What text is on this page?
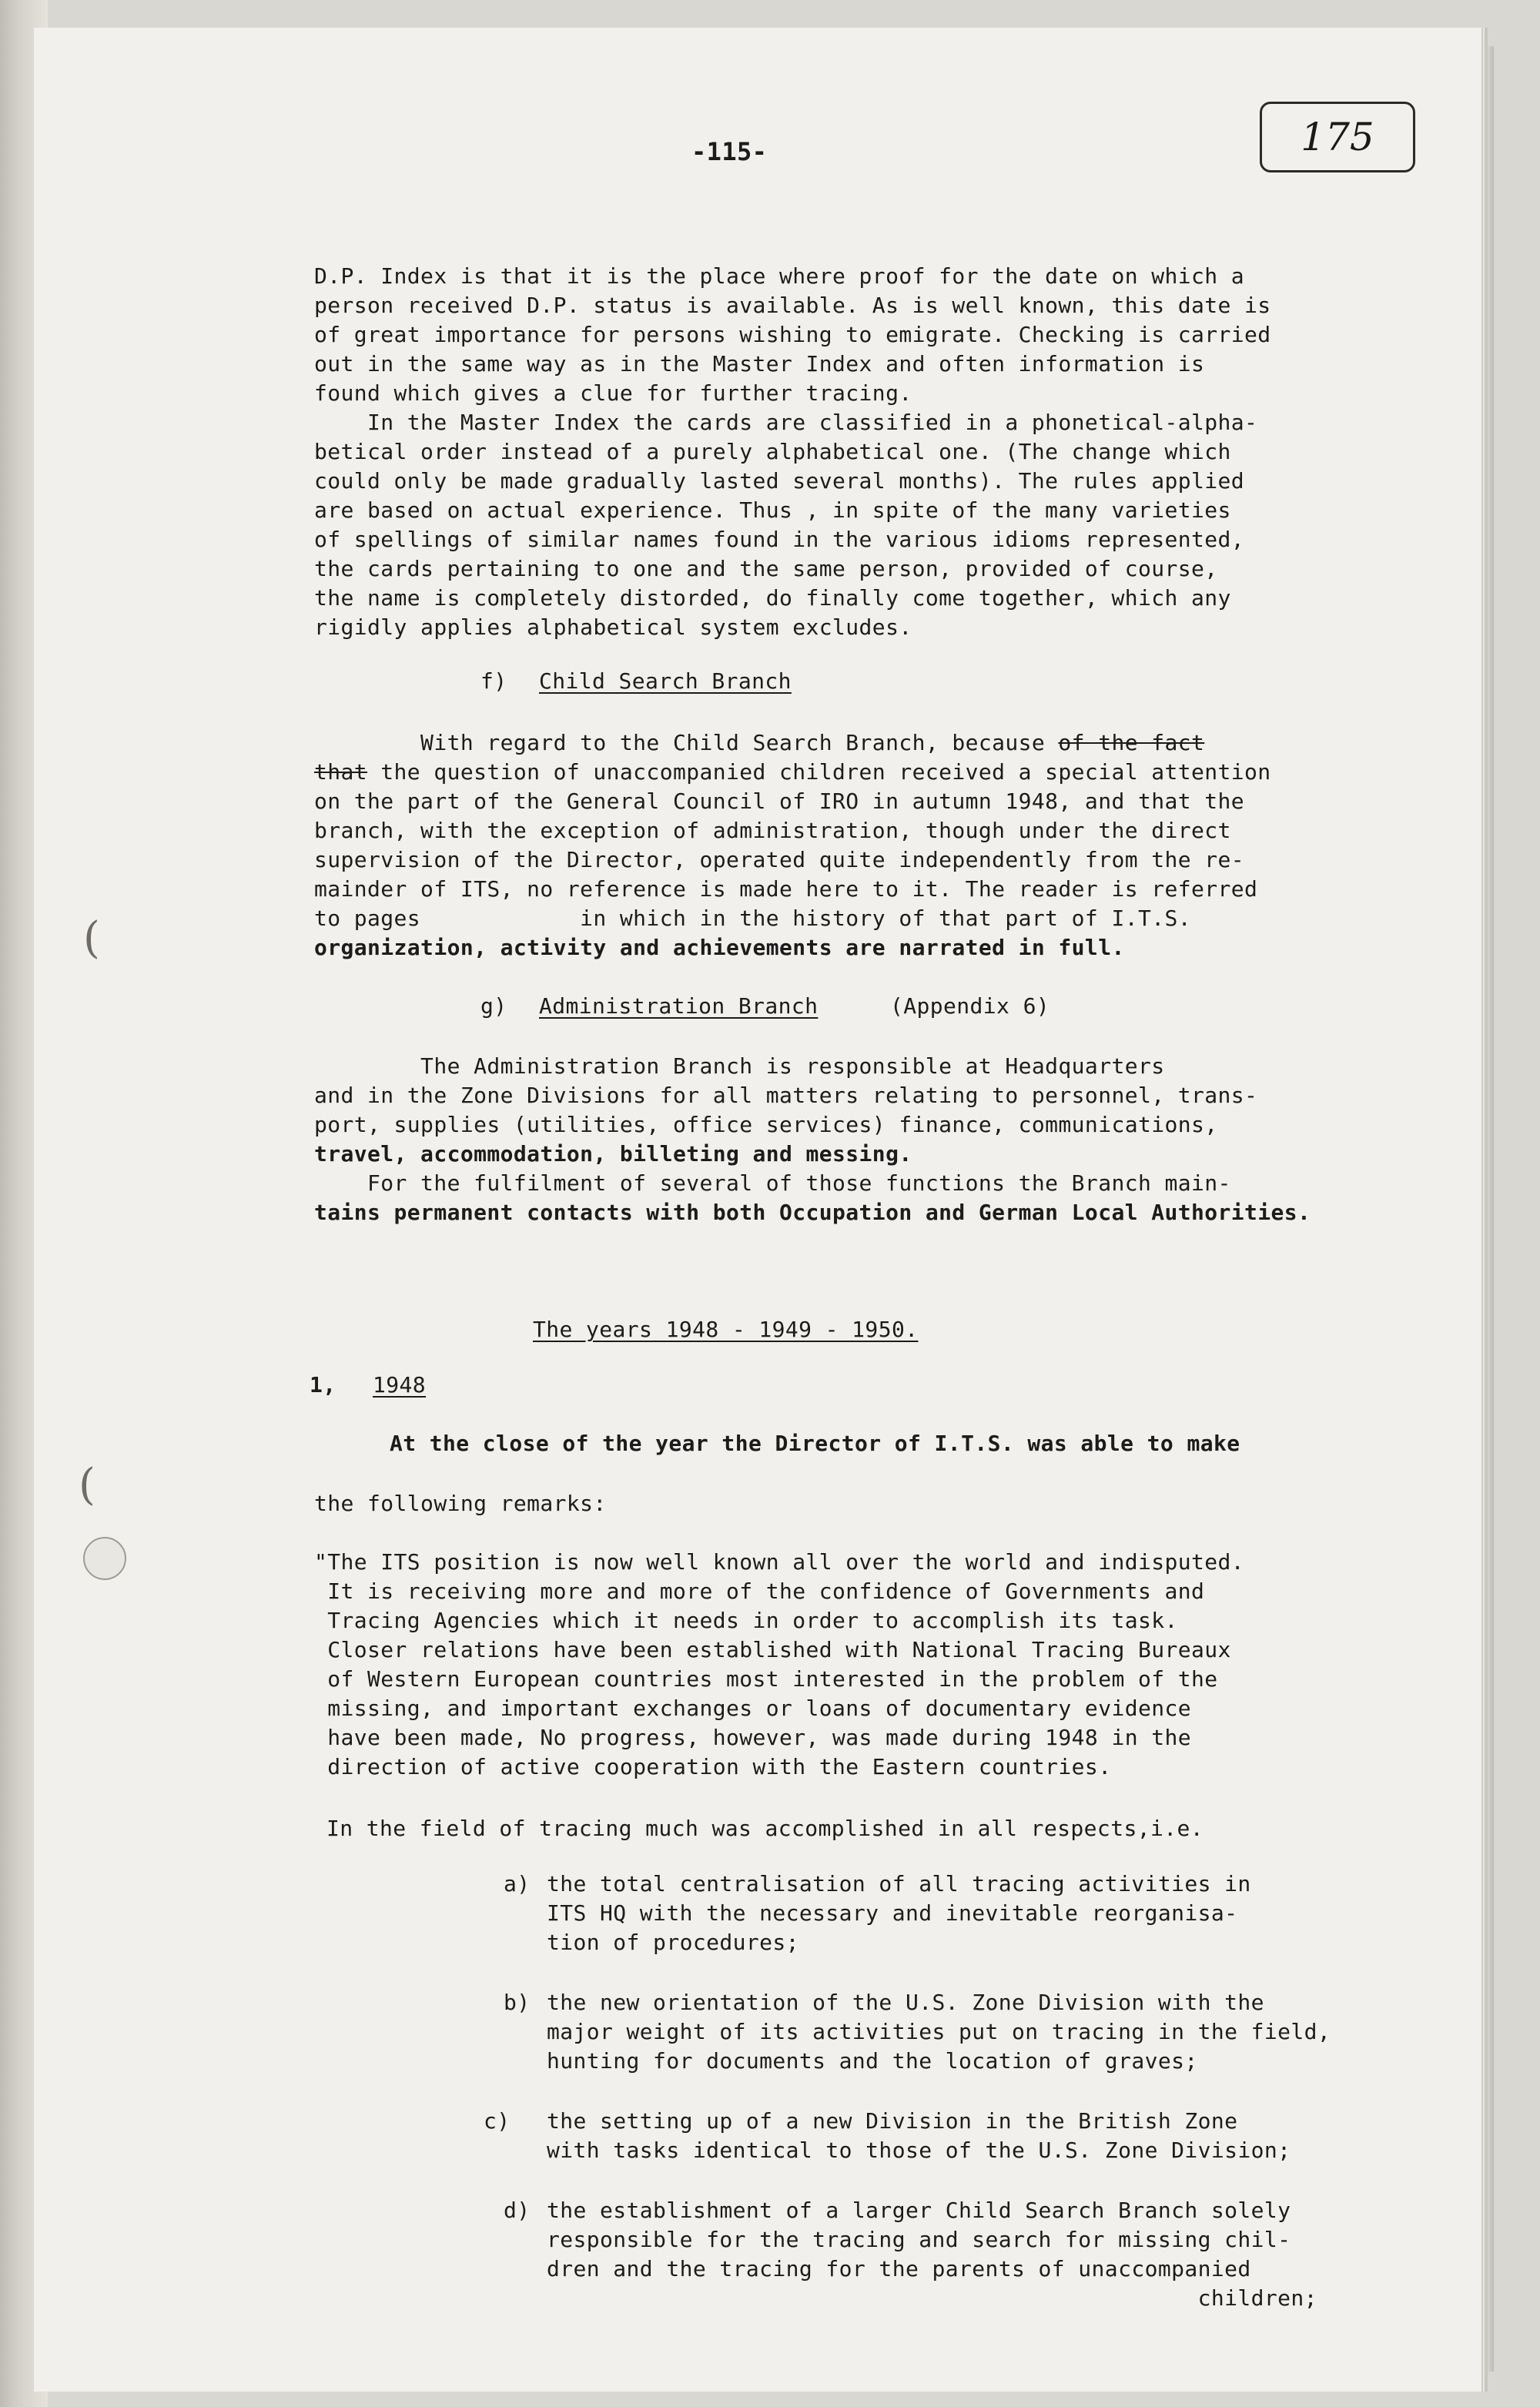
(
(
-115-	175
D.P. Index is that it is the place where proof for the date on which a
person received D.P. status is available. As is well known, this date is
of great importance for persons wishing to emigrate. Checking is carried
out in the same way as in the Master Index and often information is
found which gives a clue for further tracing.
In the Master Index the cards are classified in a phonetical-alpha-
betical order instead of a purely alphabetical one. (The change which
could only be made gradually lasted several months). The rules applied
are based on actual experience. Thus , in spite of the many varieties
of spellings of similar names found in the various idioms represented,
the cards pertaining to one and the same person, provided of course,
the name is completely distorded, do finally come together, which any
rigidly applies alphabetical system excludes.
f) Child Search Branch
With regard to the Child Search Branch, because of the fact
that the question of unaccompanied children received a special attention
on the part of the General Council of IRO in autumn 1948, and that the
branch, with the exception of administration, though under the direct
supervision of the Director, operated quite independently from the re-
mainder of ITS, no reference is made here to it. The reader is referred
to pages            in which in the history of that part of I.T.S.
organization, activity and achievements are narrated in full.
g) Administration Branch	(Appendix 6)
The Administration Branch is responsible at Headquarters
and in the Zone Divisions for all matters relating to personnel, trans-
port, supplies (utilities, office services) finance, communications,
travel, accommodation, billeting and messing.
For the fulfilment of several of those functions the Branch main-
tains permanent contacts with both Occupation and German Local Authorities.
The years 1948 - 1949 - 1950.
1, 1948
At the close of the year the Director of I.T.S. was able to make
the following remarks:
"The ITS position is now well known all over the world and indisputed.
It is receiving more and more of the confidence of Governments and
Tracing Agencies which it needs in order to accomplish its task.
Closer relations have been established with National Tracing Bureaux
of Western European countries most interested in the problem of the
missing, and important exchanges or loans of documentary evidence
have been made, No progress, however, was made during 1948 in the
direction of active cooperation with the Eastern countries.
In the field of tracing much was accomplished in all respects,i.e.
a) the total centralisation of all tracing activities in
ITS HQ with the necessary and inevitable reorganisa-
tion of procedures;
b) the new orientation of the U.S. Zone Division with the
major weight of its activities put on tracing in the field,
hunting for documents and the location of graves;
c) the setting up of a new Division in the British Zone
with tasks identical to those of the U.S. Zone Division;
d) the establishment of a larger Child Search Branch solely
responsible for the tracing and search for missing chil-
dren and the tracing for the parents of unaccompanied
children;
